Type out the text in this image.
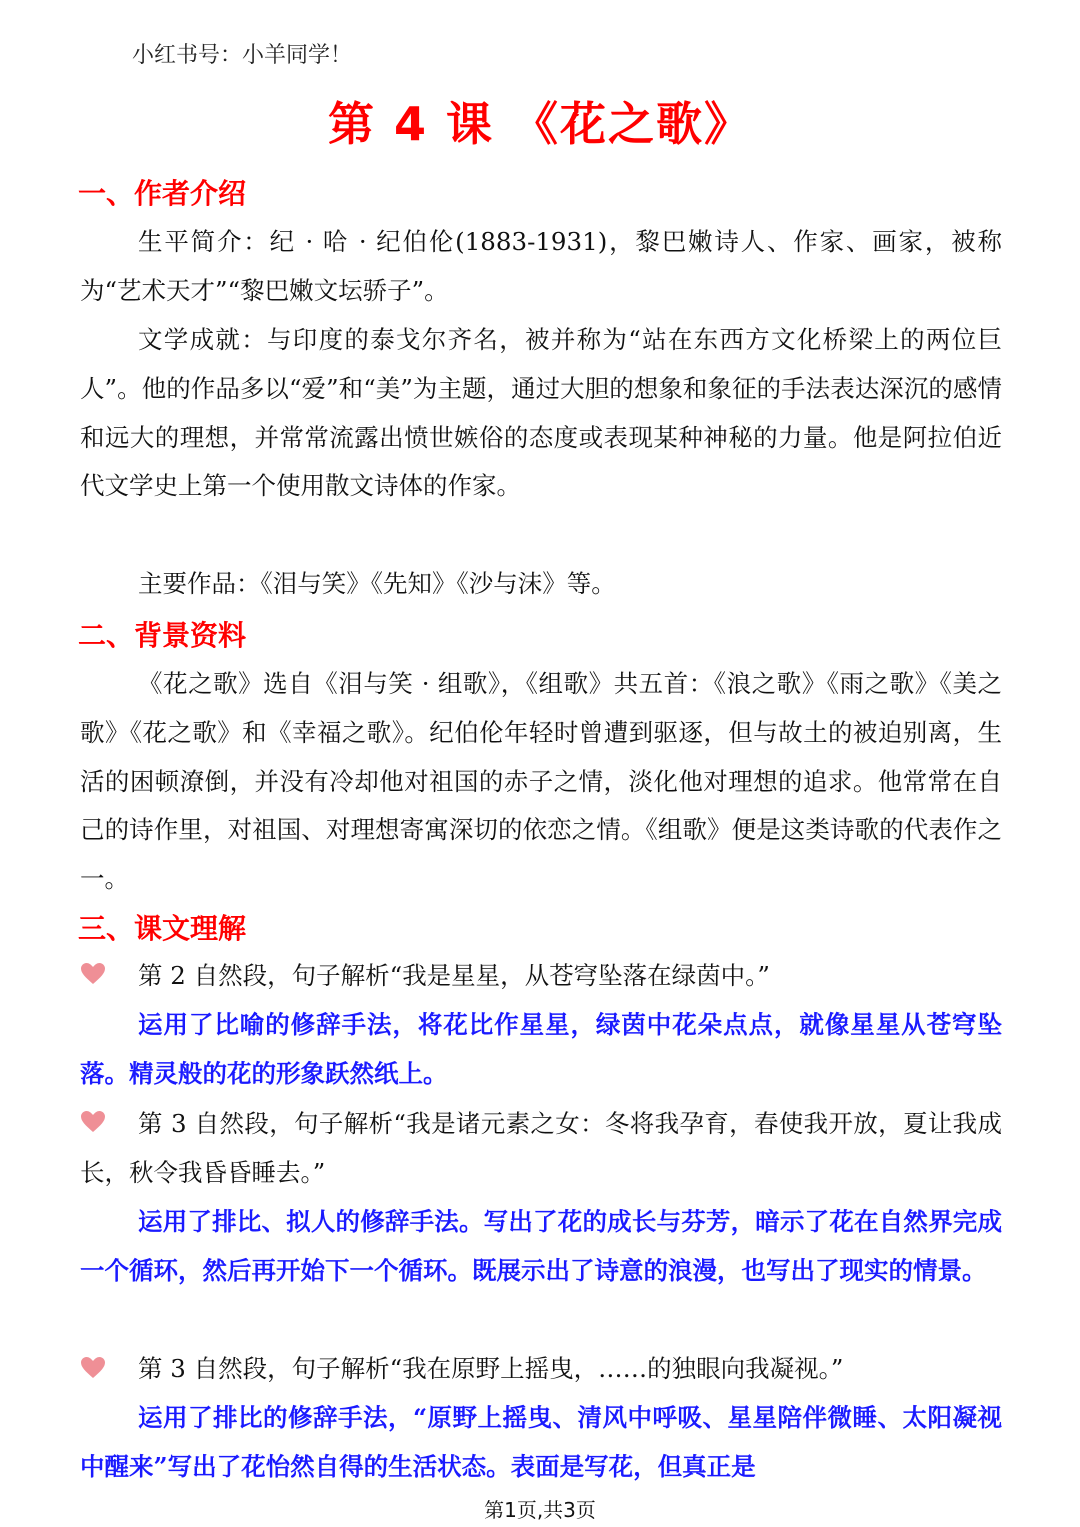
小红书号：小羊同学！
第 4 课 《花之歌》
一、作者介绍

生平简介：纪 · 哈 · 纪伯伦(1883-1931)，黎巴嫩诗人、作家、画家，被称为“艺术天才”“黎巴嫩文坛骄子”。

文学成就：与印度的泰戈尔齐名，被并称为“站在东西方文化桥梁上的两位巨人”。他的作品多以“爱”和“美”为主题，通过大胆的想象和象征的手法表达深沉的感情和远大的理想，并常常流露出愤世嫉俗的态度或表现某种神秘的力量。他是阿拉伯近代文学史上第一个使用散文诗体的作家。

主要作品：《泪与笑》《先知》《沙与沫》等。

二、背景资料

《花之歌》选自《泪与笑 · 组歌》，《组歌》共五首：《浪之歌》《雨之歌》《美之歌》《花之歌》和《幸福之歌》。纪伯伦年轻时曾遭到驱逐，但与故土的被迫别离，生活的困顿潦倒，并没有冷却他对祖国的赤子之情，淡化他对理想的追求。他常常在自己的诗作里，对祖国、对理想寄寓深切的依恋之情。《组歌》便是这类诗歌的代表作之一。

三、课文理解

第 2 自然段，句子解析“我是星星，从苍穹坠落在绿茵中。”

运用了比喻的修辞手法，将花比作星星，绿茵中花朵点点，就像星星从苍穹坠落。精灵般的花的形象跃然纸上。

第 3 自然段，句子解析“我是诸元素之女：冬将我孕育，春使我开放，夏让我成长，秋令我昏昏睡去。”

运用了排比、拟人的修辞手法。写出了花的成长与芬芳，暗示了花在自然界完成一个循环，然后再开始下一个循环。既展示出了诗意的浪漫，也写出了现实的情景。

第 3 自然段，句子解析“我在原野上摇曳，……的独眼向我凝视。”

运用了排比的修辞手法，“原野上摇曳、清风中呼吸、星星陪伴微睡、太阳凝视中醒来”写出了花怡然自得的生活状态。表面是写花，但真正是

第1页,共3页
